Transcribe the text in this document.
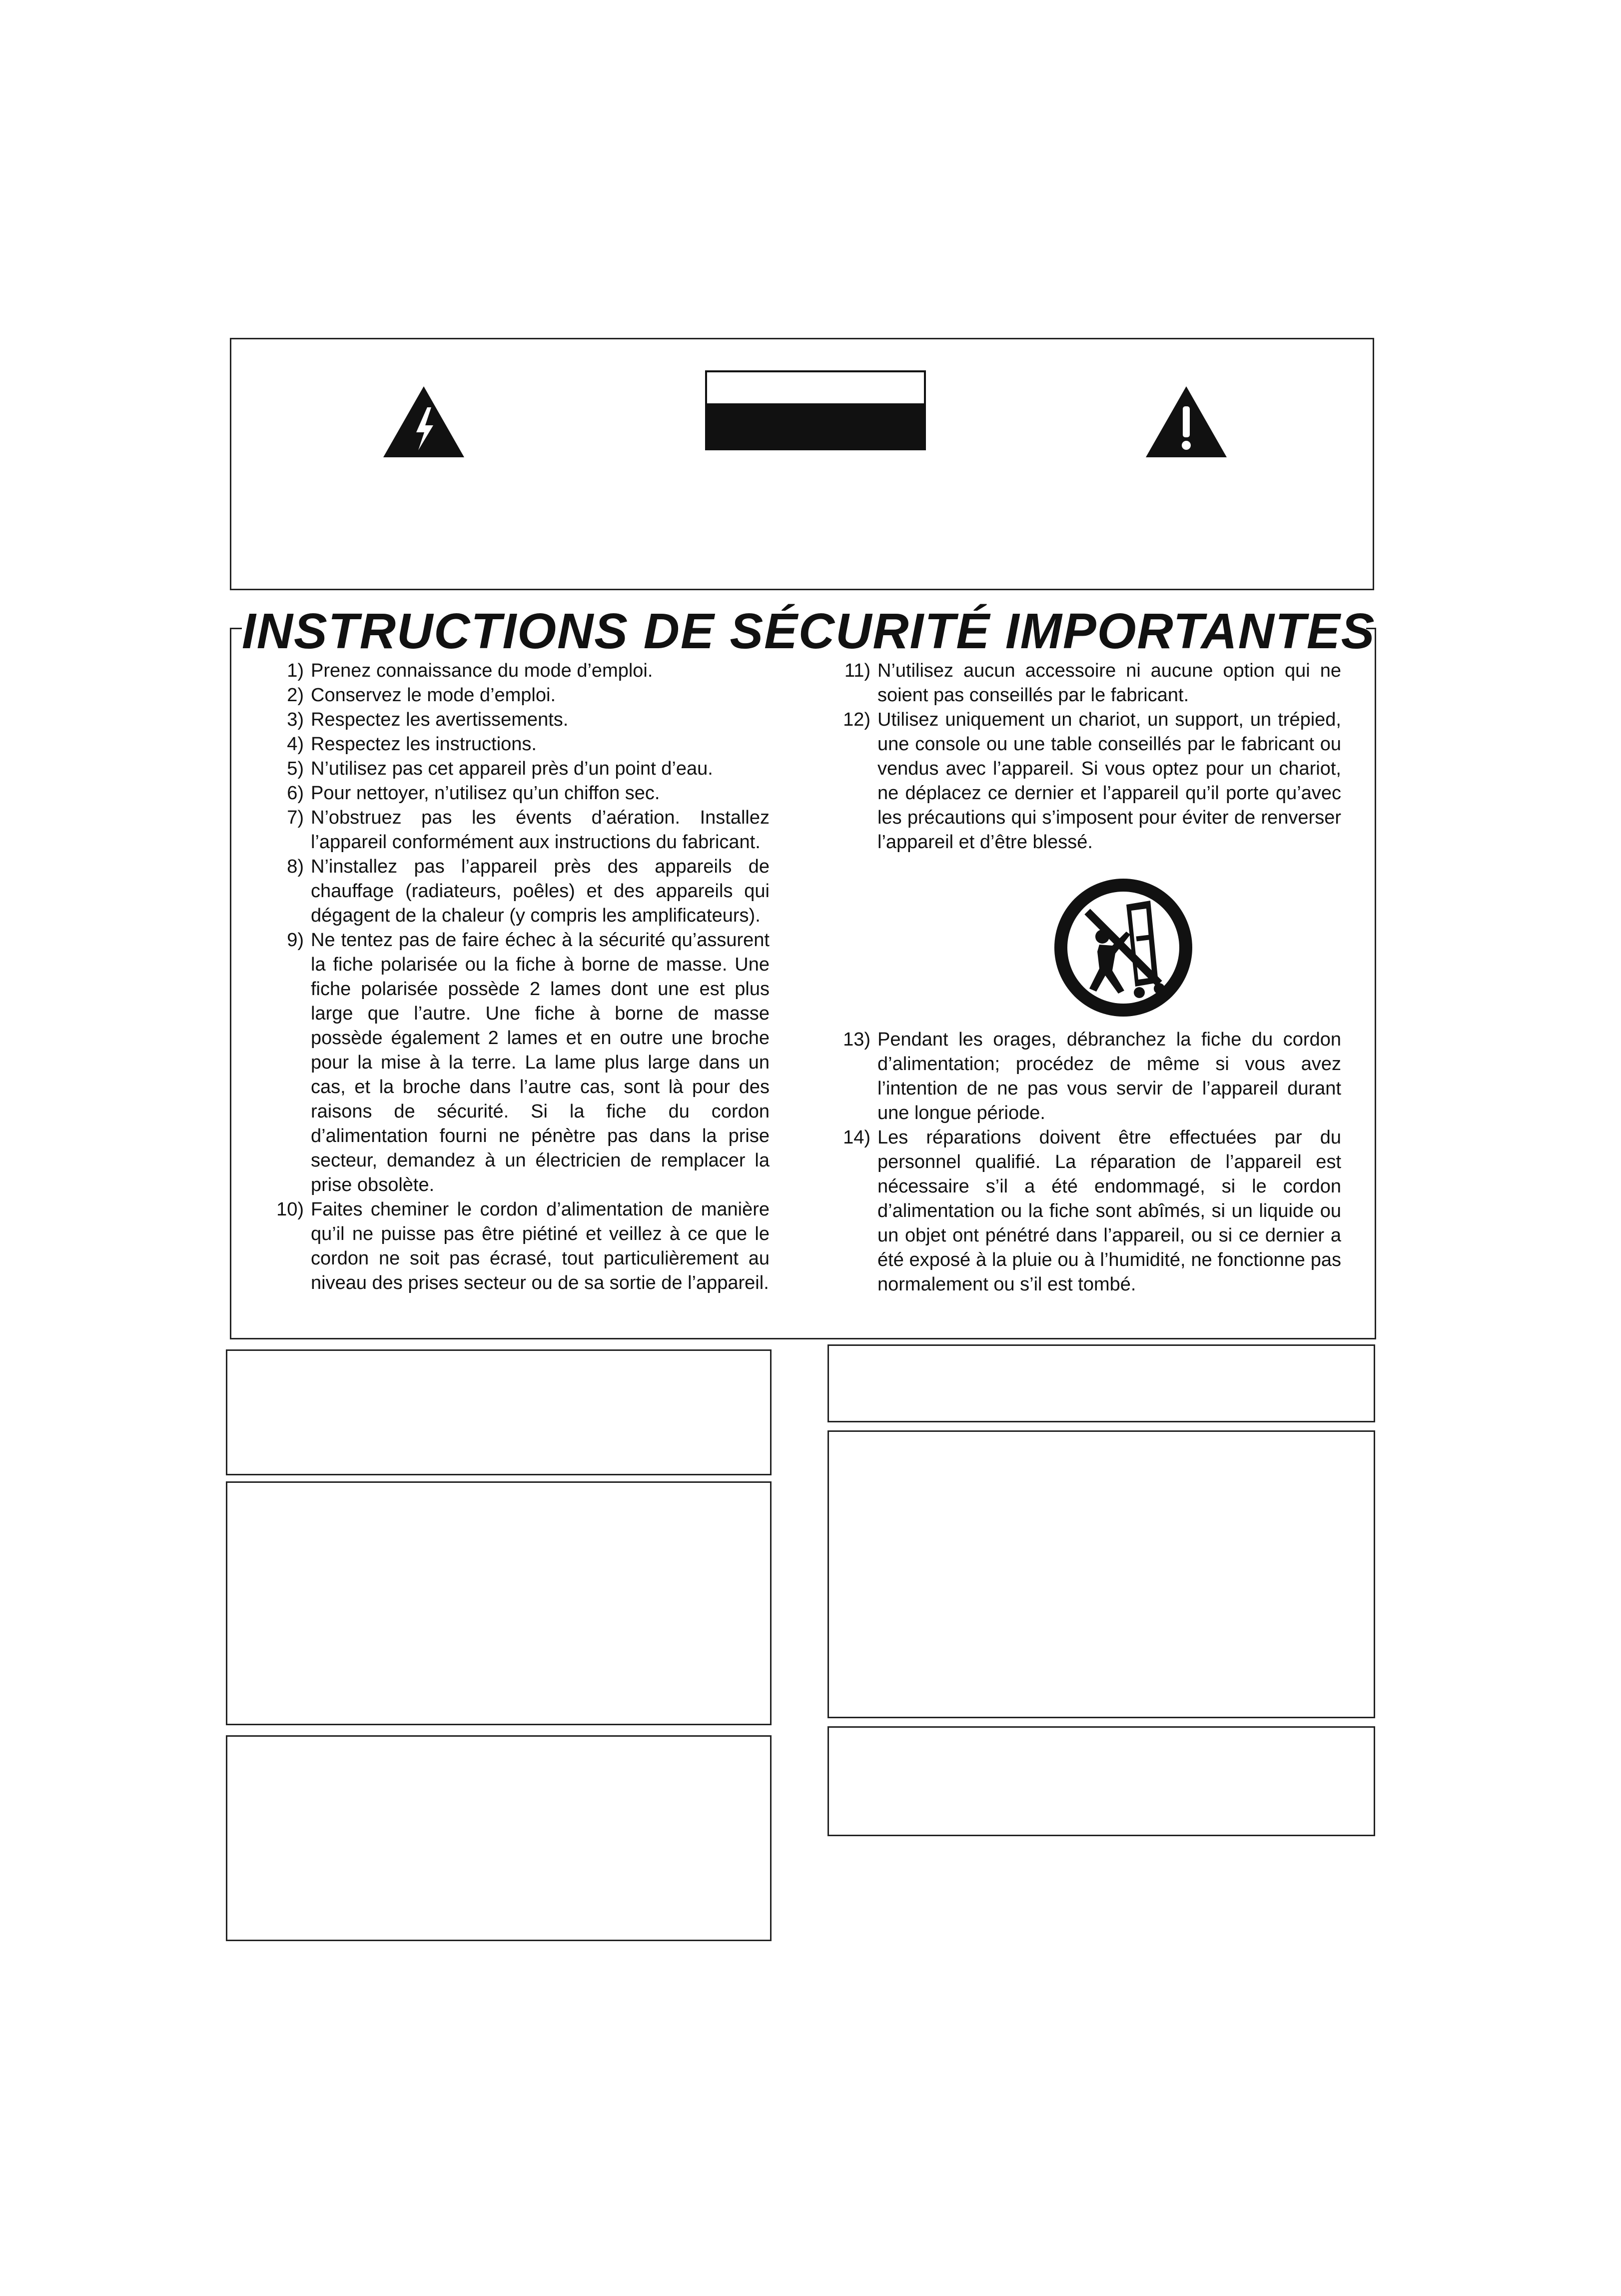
INSTRUCTIONS DE SÉCURITÉ IMPORTANTES
1) Prenez connaissance du mode d’emploi.
2) Conservez le mode d’emploi.
3) Respectez les avertissements.
4) Respectez les instructions.
5) N’utilisez pas cet appareil près d’un point d’eau.
6) Pour nettoyer, n’utilisez qu’un chiffon sec.
7) N’obstruez pas les évents d’aération. Installez l’appareil conformément aux instructions du fabricant.
8) N’installez pas l’appareil près des appareils de chauffage (radiateurs, poêles) et des appareils qui dégagent de la chaleur (y compris les amplificateurs).
9) Ne tentez pas de faire échec à la sécurité qu’assurent la fiche polarisée ou la fiche à borne de masse. Une fiche polarisée possède 2 lames dont une est plus large que l’autre. Une fiche à borne de masse possède également 2 lames et en outre une broche pour la mise à la terre. La lame plus large dans un cas, et la broche dans l’autre cas, sont là pour des raisons de sécurité. Si la fiche du cordon d’alimentation fourni ne pénètre pas dans la prise secteur, demandez à un électricien de remplacer la prise obsolète.
10) Faites cheminer le cordon d’alimentation de manière qu’il ne puisse pas être piétiné et veillez à ce que le cordon ne soit pas écrasé, tout particulièrement au niveau des prises secteur ou de sa sortie de l’appareil.
11) N’utilisez aucun accessoire ni aucune option qui ne soient pas conseillés par le fabricant.
12) Utilisez uniquement un chariot, un support, un trépied, une console ou une table conseillés par le fabricant ou vendus avec l’appareil. Si vous optez pour un chariot, ne déplacez ce dernier et l’appareil qu’il porte qu’avec les précautions qui s’imposent pour éviter de renverser l’appareil et d’être blessé.
13) Pendant les orages, débranchez la fiche du cordon d’alimentation; procédez de même si vous avez l’intention de ne pas vous servir de l’appareil durant une longue période.
14) Les réparations doivent être effectuées par du personnel qualifié. La réparation de l’appareil est nécessaire s’il a été endommagé, si le cordon d’alimentation ou la fiche sont abîmés, si un liquide ou un objet ont pénétré dans l’appareil, ou si ce dernier a été exposé à la pluie ou à l’humidité, ne fonctionne pas normalement ou s’il est tombé.
